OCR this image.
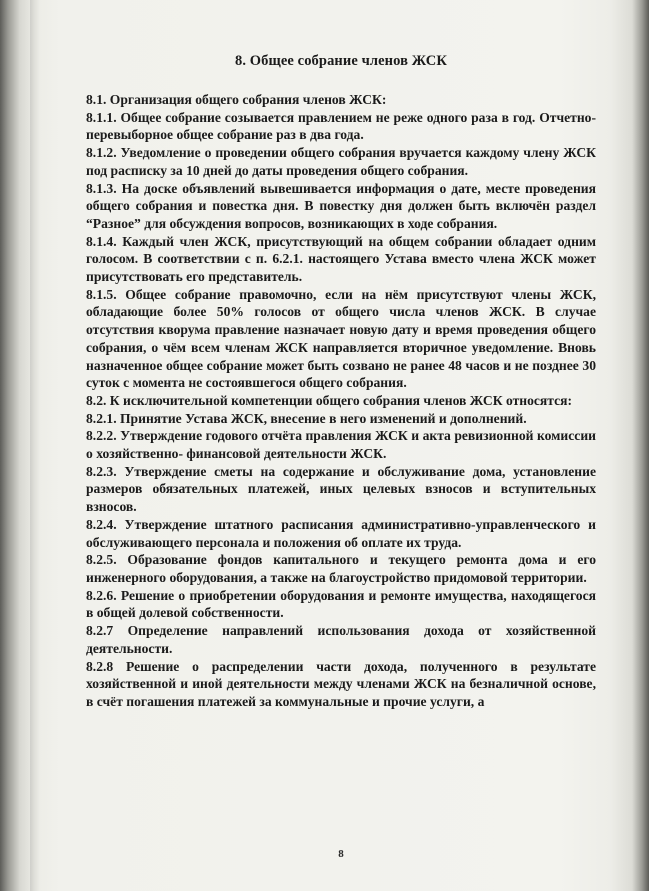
8. Общее собрание членов ЖСК

8.1. Организация общего собрания членов ЖСК:

8.1.1. Общее собрание созывается правлением не реже одного раза в год. Отчетно-перевыборное общее собрание раз в два года.

8.1.2. Уведомление о проведении общего собрания вручается каждому члену ЖСК под расписку за 10 дней до даты проведения общего собрания.

8.1.3. На доске объявлений вывешивается информация о дате, месте проведения общего собрания и повестка дня. В повестку дня должен быть включён раздел “Разное” для обсуждения вопросов, возникающих в ходе собрания.

8.1.4. Каждый член ЖСК, присутствующий на общем собрании обладает одним голосом. В соответствии с п. 6.2.1. настоящего Устава вместо члена ЖСК может присутствовать его представитель.

8.1.5. Общее собрание правомочно, если на нём присутствуют члены ЖСК, обладающие более 50% голосов от общего числа членов ЖСК. В случае отсутствия кворума правление назначает новую дату и время проведения общего собрания, о чём всем членам ЖСК направляется вторичное уведомление. Вновь назначенное общее собрание может быть созвано не ранее 48 часов и не позднее 30 суток с момента не состоявшегося общего собрания.

8.2. К исключительной компетенции общего собрания членов ЖСК относятся:

8.2.1. Принятие Устава ЖСК, внесение в него изменений и дополнений.

8.2.2. Утверждение годового отчёта правления ЖСК и акта ревизионной комиссии о хозяйственно- финансовой деятельности ЖСК.

8.2.3. Утверждение сметы на содержание и обслуживание дома, установление размеров обязательных платежей, иных целевых взносов и вступительных взносов.

8.2.4. Утверждение штатного расписания административно-управленческого и обслуживающего персонала и положения об оплате их труда.

8.2.5. Образование фондов капитального и текущего ремонта дома и его инженерного оборудования, а также на благоустройство придомовой территории.

8.2.6. Решение о приобретении оборудования и ремонте имущества, находящегося в общей долевой собственности.

8.2.7 Определение направлений использования дохода от хозяйственной деятельности.

8.2.8 Решение о распределении части дохода, полученного в результате хозяйственной и иной деятельности между членами ЖСК на безналичной основе, в счёт погашения платежей за коммунальные и прочие услуги, а

8
